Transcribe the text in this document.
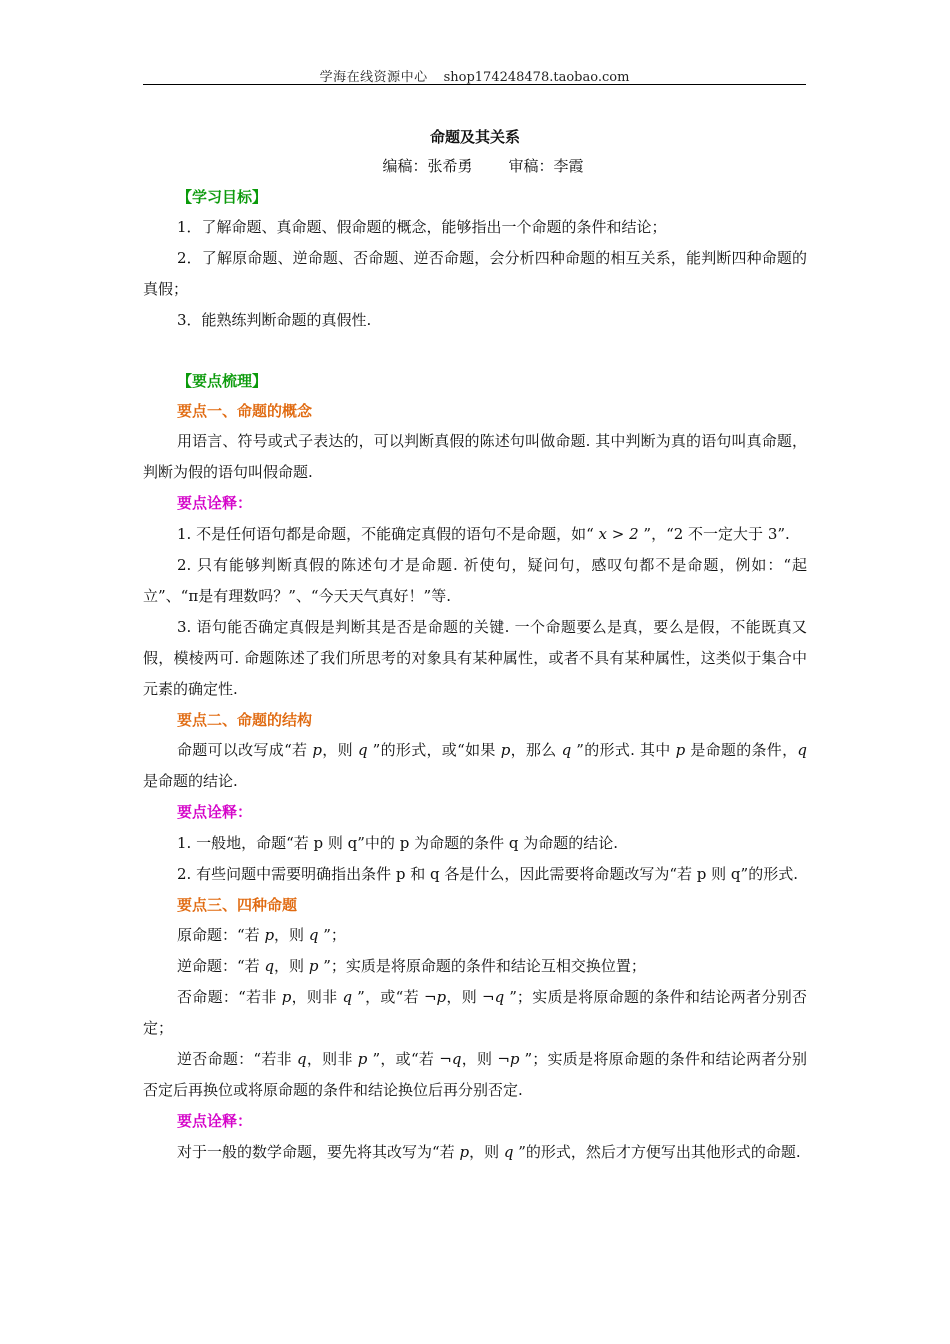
学海在线资源中心 shop174248478.taobao.com
命题及其关系
编稿：张希勇 审稿：李霞
【学习目标】

1．了解命题、真命题、假命题的概念，能够指出一个命题的条件和结论；

2．了解原命题、逆命题、否命题、逆否命题，会分析四种命题的相互关系，能判断四种命题的真假；

3．能熟练判断命题的真假性.

【要点梳理】
要点一、命题的概念

用语言、符号或式子表达的，可以判断真假的陈述句叫做命题. 其中判断为真的语句叫真命题，判断为假的语句叫假命题.

要点诠释：

1. 不是任何语句都是命题，不能确定真假的语句不是命题，如“ x > 2 ”，“2 不一定大于 3”.

2. 只有能够判断真假的陈述句才是命题. 祈使句，疑问句，感叹句都不是命题，例如：“起立”、“π是有理数吗？”、“今天天气真好！”等.

3. 语句能否确定真假是判断其是否是命题的关键. 一个命题要么是真，要么是假，不能既真又假，模棱两可. 命题陈述了我们所思考的对象具有某种属性，或者不具有某种属性，这类似于集合中元素的确定性.

要点二、命题的结构

命题可以改写成“若 p，则 q ”的形式，或“如果 p，那么 q ”的形式. 其中 p 是命题的条件，q 是命题的结论.

要点诠释：

1. 一般地，命题“若 p 则 q”中的 p 为命题的条件 q 为命题的结论.

2. 有些问题中需要明确指出条件 p 和 q 各是什么，因此需要将命题改写为“若 p 则 q”的形式.

要点三、四种命题

原命题：“若 p，则 q ”；

逆命题：“若 q，则 p ”；实质是将原命题的条件和结论互相交换位置；

否命题：“若非 p，则非 q ”，或“若 ¬p，则 ¬q ”；实质是将原命题的条件和结论两者分别否定；

逆否命题：“若非 q，则非 p ”，或“若 ¬q，则 ¬p ”；实质是将原命题的条件和结论两者分别否定后再换位或将原命题的条件和结论换位后再分别否定.

要点诠释：

对于一般的数学命题，要先将其改写为“若 p，则 q ”的形式，然后才方便写出其他形式的命题.
